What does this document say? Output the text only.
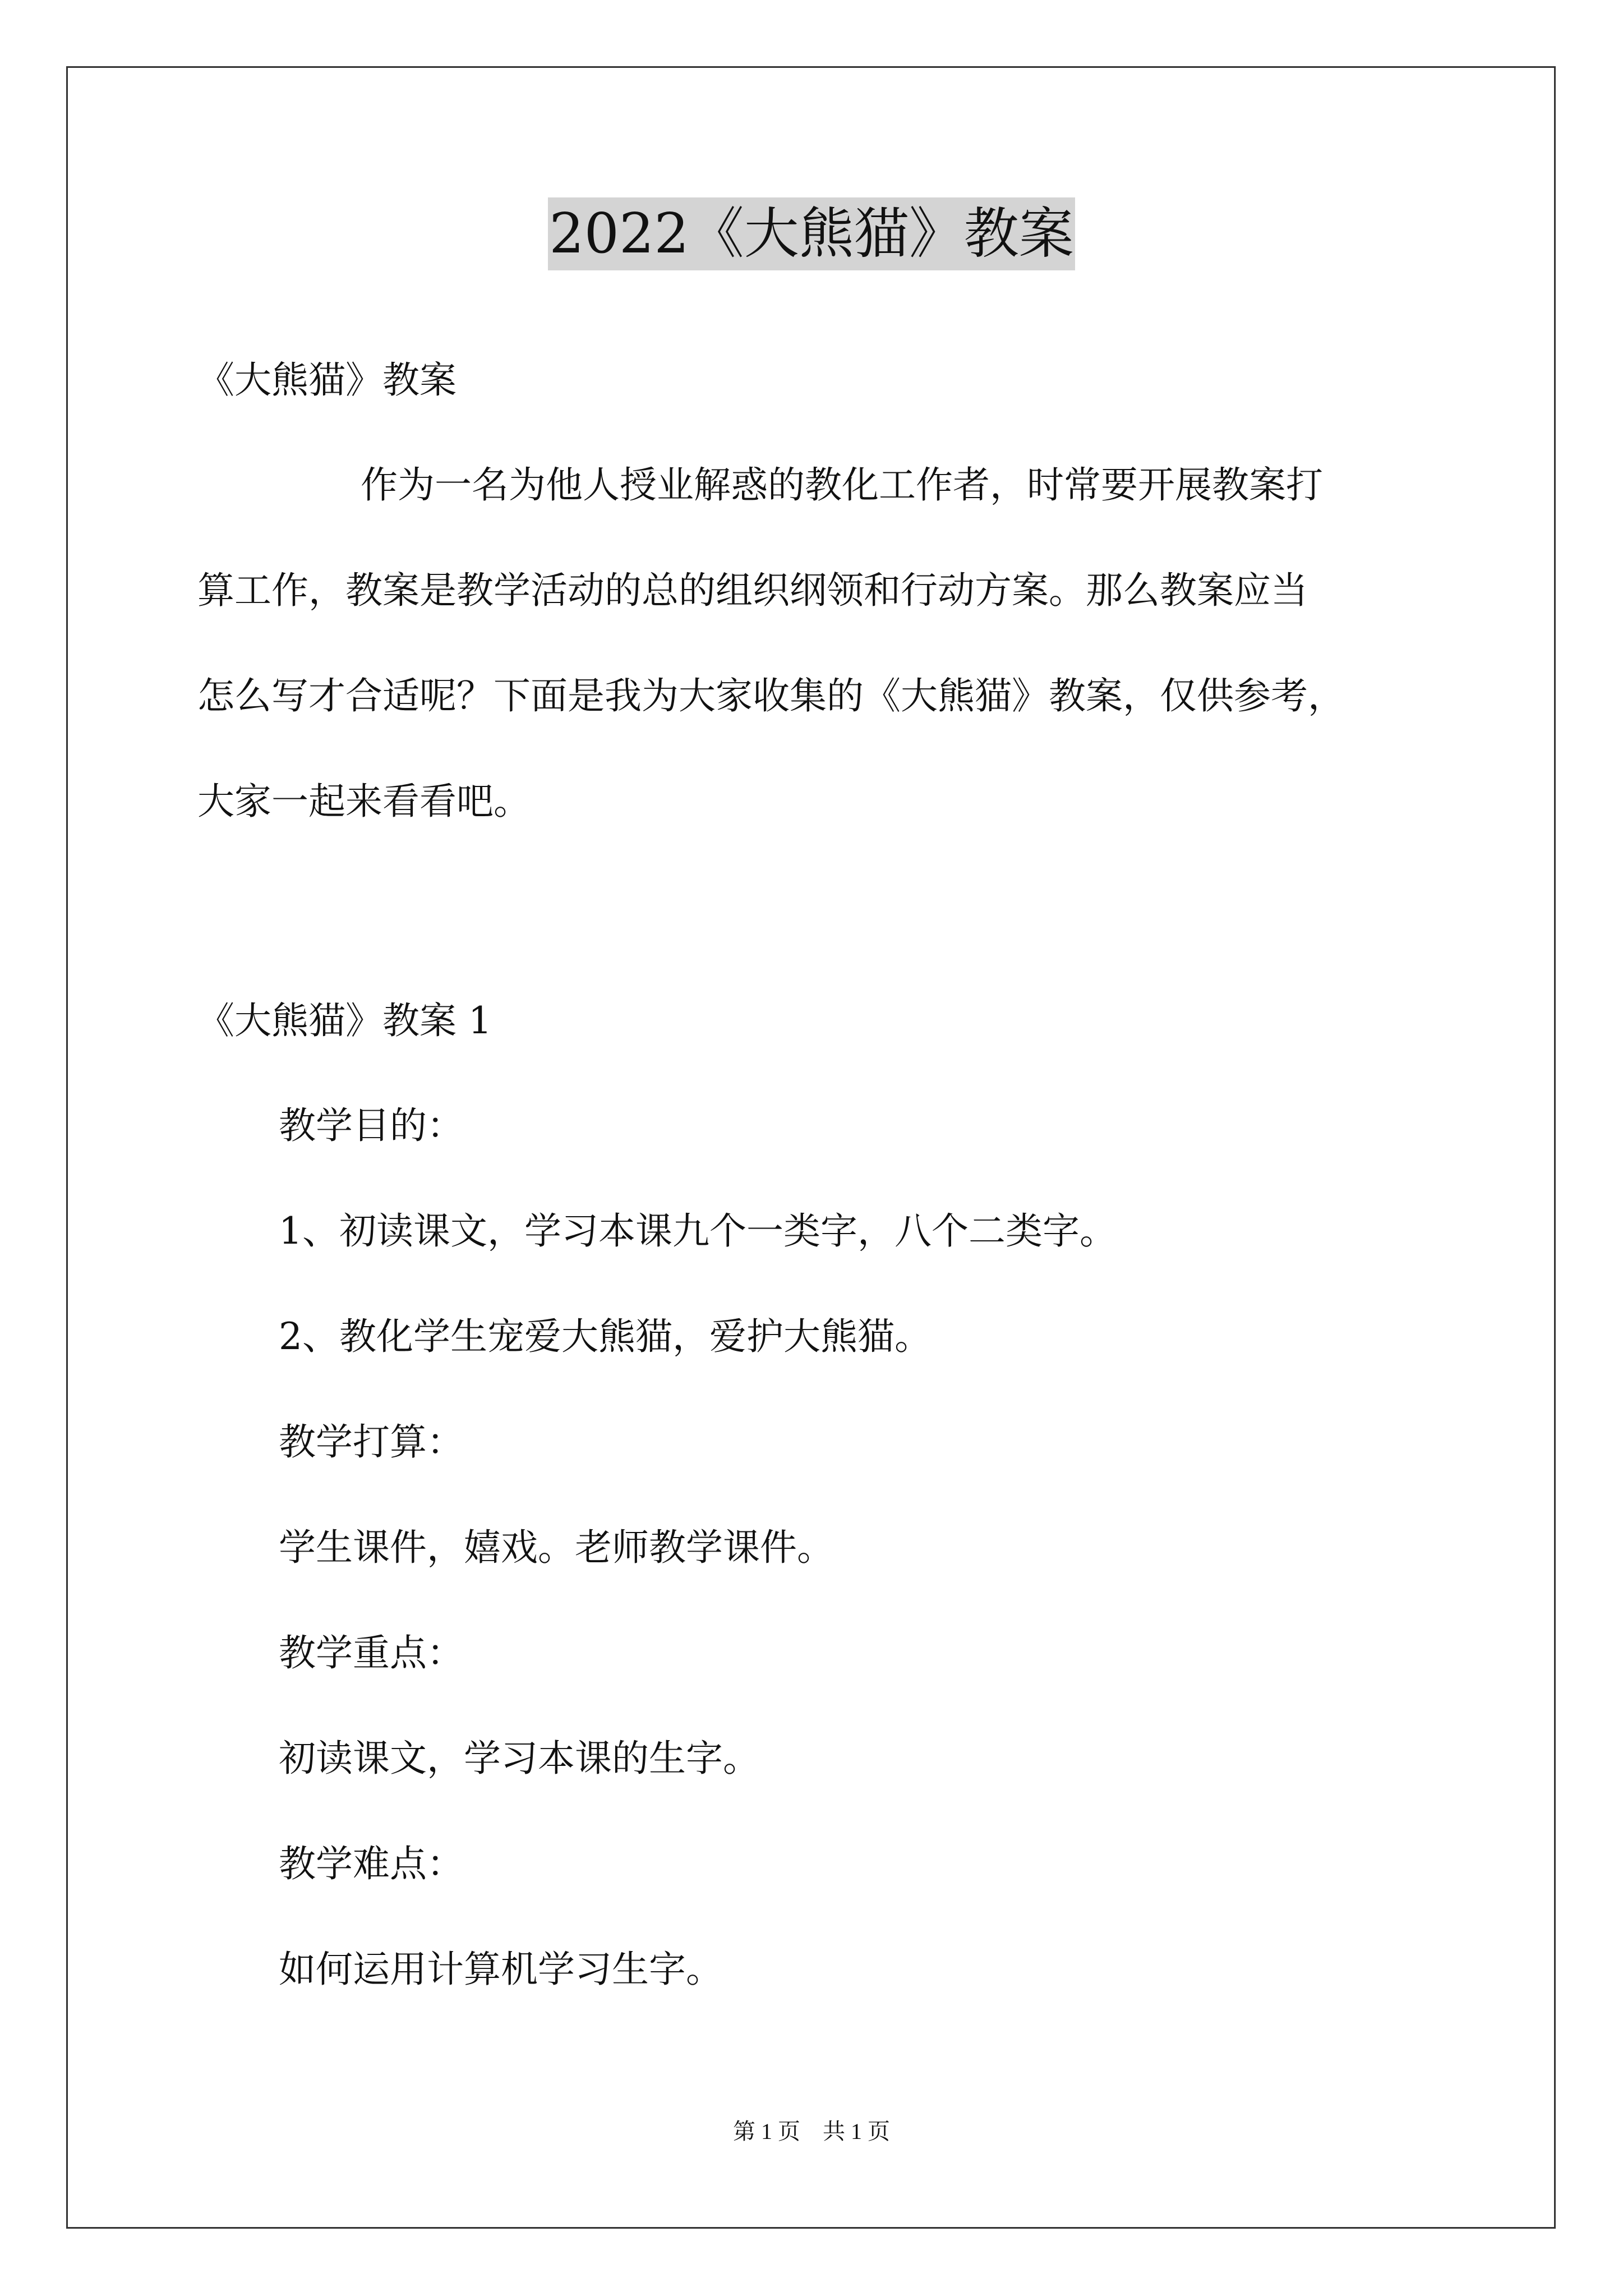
2022《大熊猫》教案

《大熊猫》教案

作为一名为他人授业解惑的教化工作者，时常要开展教案打

算工作，教案是教学活动的总的组织纲领和行动方案。那么教案应当

怎么写才合适呢？下面是我为大家收集的《大熊猫》教案，仅供参考，

大家一起来看看吧。

《大熊猫》教案 1

教学目的：

1、初读课文，学习本课九个一类字，八个二类字。

2、教化学生宠爱大熊猫，爱护大熊猫。

教学打算：

学生课件，嬉戏。老师教学课件。

教学重点：

初读课文，学习本课的生字。

教学难点：

如何运用计算机学习生字。

第 1 页　共 1 页
